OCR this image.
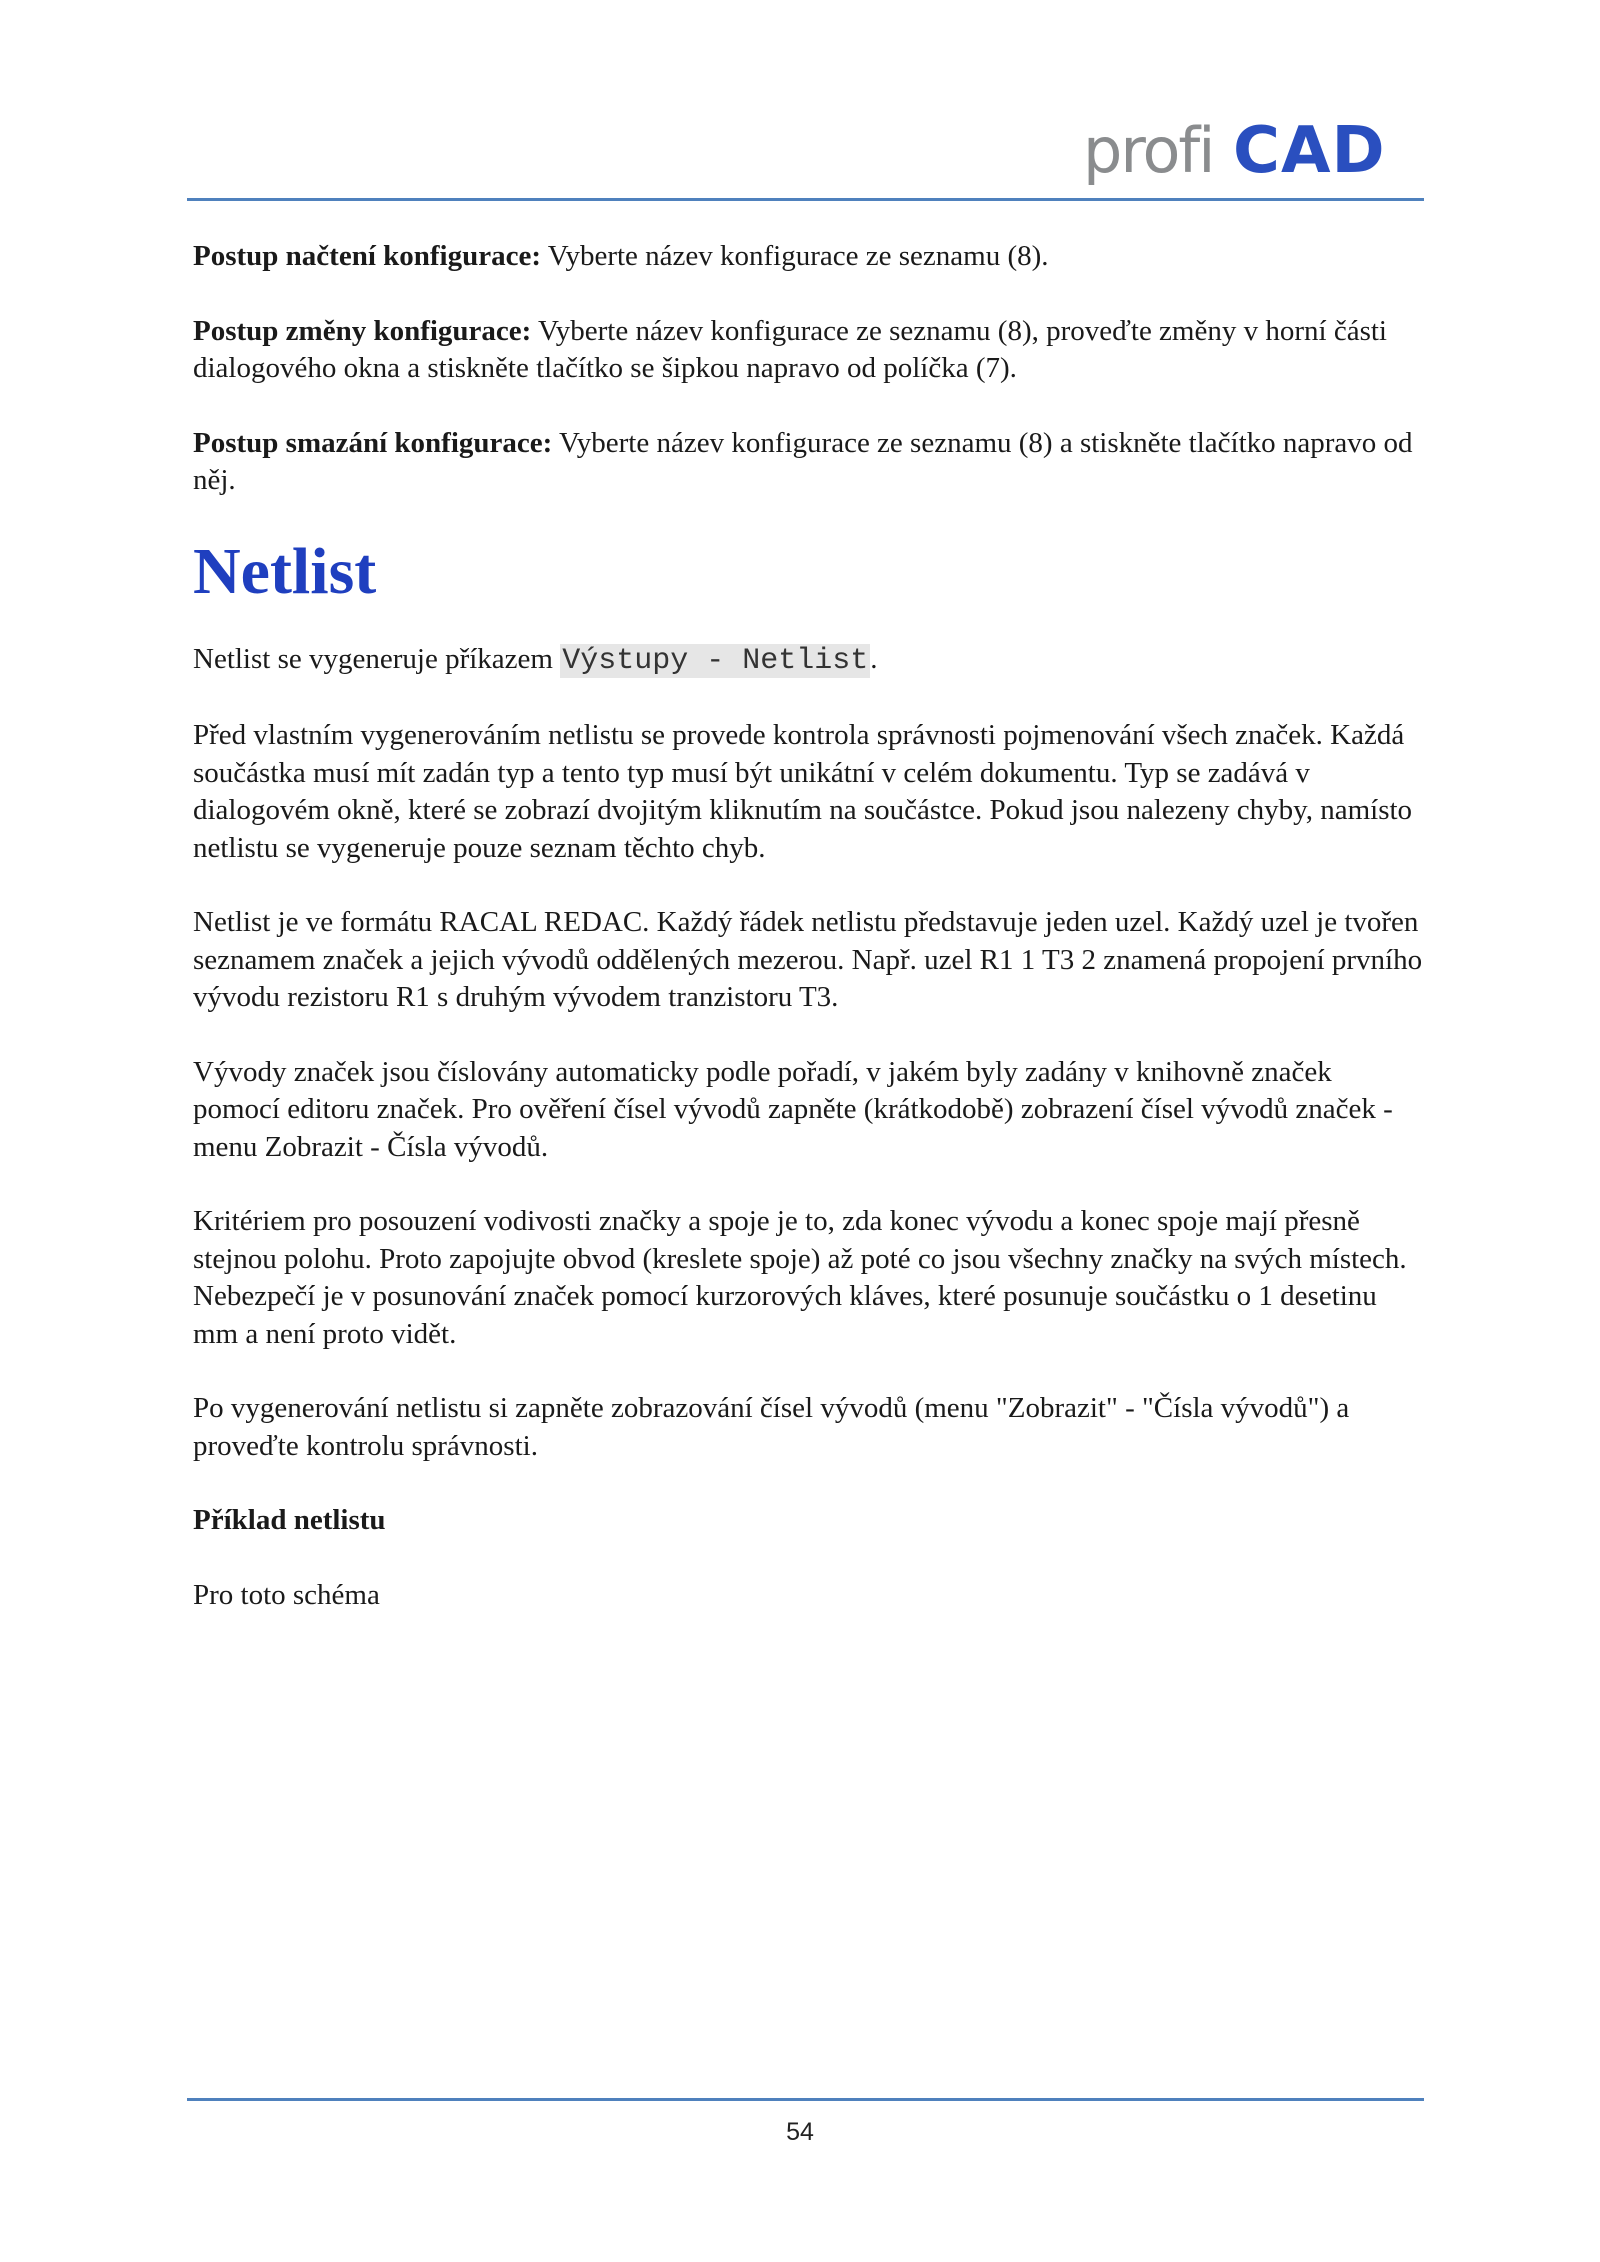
profi CAD

Postup načtení konfigurace: Vyberte název konfigurace ze seznamu (8).

Postup změny konfigurace: Vyberte název konfigurace ze seznamu (8), proveďte změny v horní části dialogového okna a stiskněte tlačítko se šipkou napravo od políčka (7).

Postup smazání konfigurace: Vyberte název konfigurace ze seznamu (8) a stiskněte tlačítko napravo od něj.

Netlist

Netlist se vygeneruje příkazem Výstupy - Netlist.

Před vlastním vygenerováním netlistu se provede kontrola správnosti pojmenování všech značek. Každá součástka musí mít zadán typ a tento typ musí být unikátní v celém dokumentu. Typ se zadává v dialogovém okně, které se zobrazí dvojitým kliknutím na součástce. Pokud jsou nalezeny chyby, namísto netlistu se vygeneruje pouze seznam těchto chyb.

Netlist je ve formátu RACAL REDAC. Každý řádek netlistu představuje jeden uzel. Každý uzel je tvořen seznamem značek a jejich vývodů oddělených mezerou. Např. uzel R1 1 T3 2 znamená propojení prvního vývodu rezistoru R1 s druhým vývodem tranzistoru T3.

Vývody značek jsou číslovány automaticky podle pořadí, v jakém byly zadány v knihovně značek pomocí editoru značek. Pro ověření čísel vývodů zapněte (krátkodobě) zobrazení čísel vývodů značek - menu Zobrazit - Čísla vývodů.

Kritériem pro posouzení vodivosti značky a spoje je to, zda konec vývodu a konec spoje mají přesně stejnou polohu. Proto zapojujte obvod (kreslete spoje) až poté co jsou všechny značky na svých místech. Nebezpečí je v posunování značek pomocí kurzorových kláves, které posunuje součástku o 1 desetinu mm a není proto vidět.

Po vygenerování netlistu si zapněte zobrazování čísel vývodů (menu "Zobrazit" - "Čísla vývodů") a proveďte kontrolu správnosti.

Příklad netlistu

Pro toto schéma

54
